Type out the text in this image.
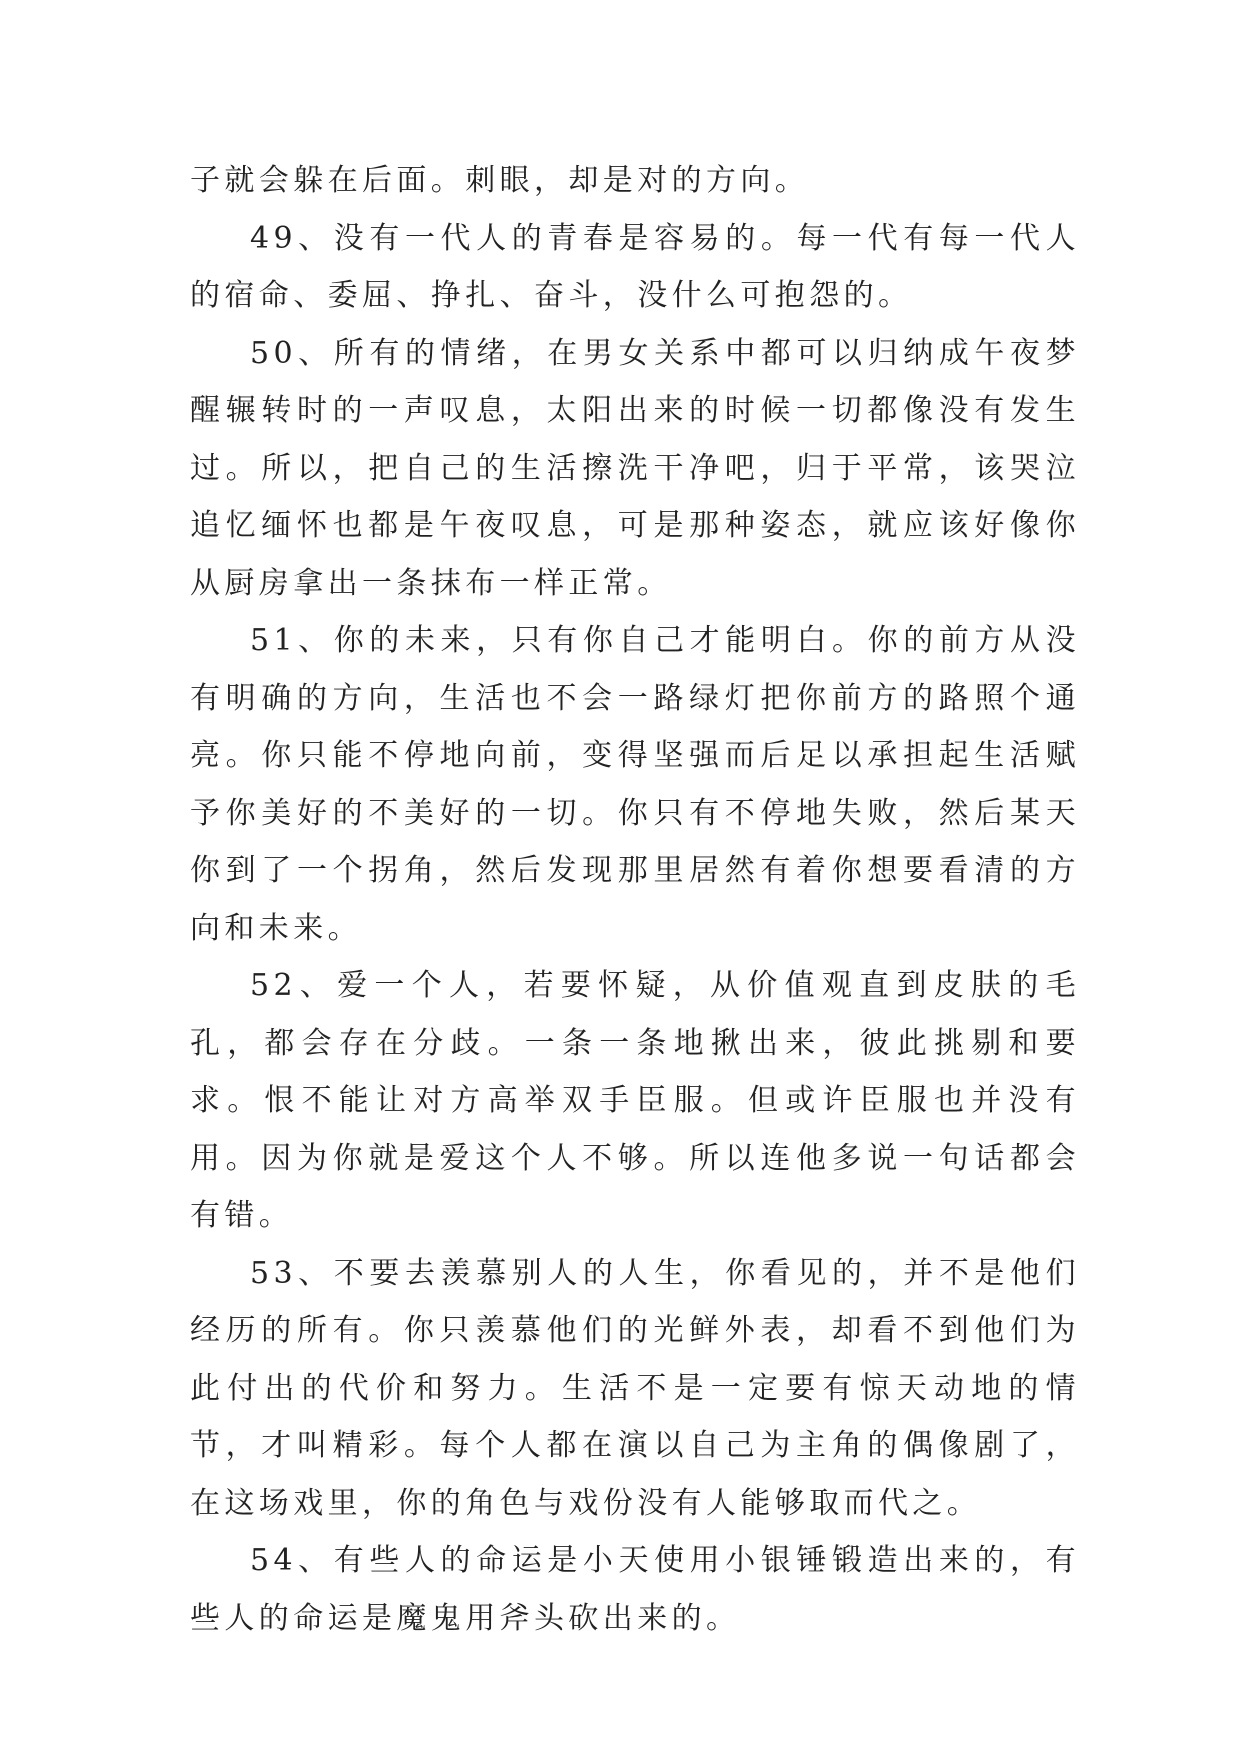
子就会躲在后面。刺眼，却是对的方向。

49、没有一代人的青春是容易的。每一代有每一代人的宿命、委屈、挣扎、奋斗，没什么可抱怨的。

50、所有的情绪，在男女关系中都可以归纳成午夜梦醒辗转时的一声叹息，太阳出来的时候一切都像没有发生过。所以，把自己的生活擦洗干净吧，归于平常，该哭泣追忆缅怀也都是午夜叹息，可是那种姿态，就应该好像你从厨房拿出一条抹布一样正常。

51、你的未来，只有你自己才能明白。你的前方从没有明确的方向，生活也不会一路绿灯把你前方的路照个通亮。你只能不停地向前，变得坚强而后足以承担起生活赋予你美好的不美好的一切。你只有不停地失败，然后某天你到了一个拐角，然后发现那里居然有着你想要看清的方向和未来。

52、爱一个人，若要怀疑，从价值观直到皮肤的毛孔，都会存在分歧。一条一条地揪出来，彼此挑剔和要求。恨不能让对方高举双手臣服。但或许臣服也并没有用。因为你就是爱这个人不够。所以连他多说一句话都会有错。

53、不要去羡慕别人的人生，你看见的，并不是他们经历的所有。你只羡慕他们的光鲜外表，却看不到他们为此付出的代价和努力。生活不是一定要有惊天动地的情节，才叫精彩。每个人都在演以自己为主角的偶像剧了，在这场戏里，你的角色与戏份没有人能够取而代之。

54、有些人的命运是小天使用小银锤锻造出来的，有些人的命运是魔鬼用斧头砍出来的。
